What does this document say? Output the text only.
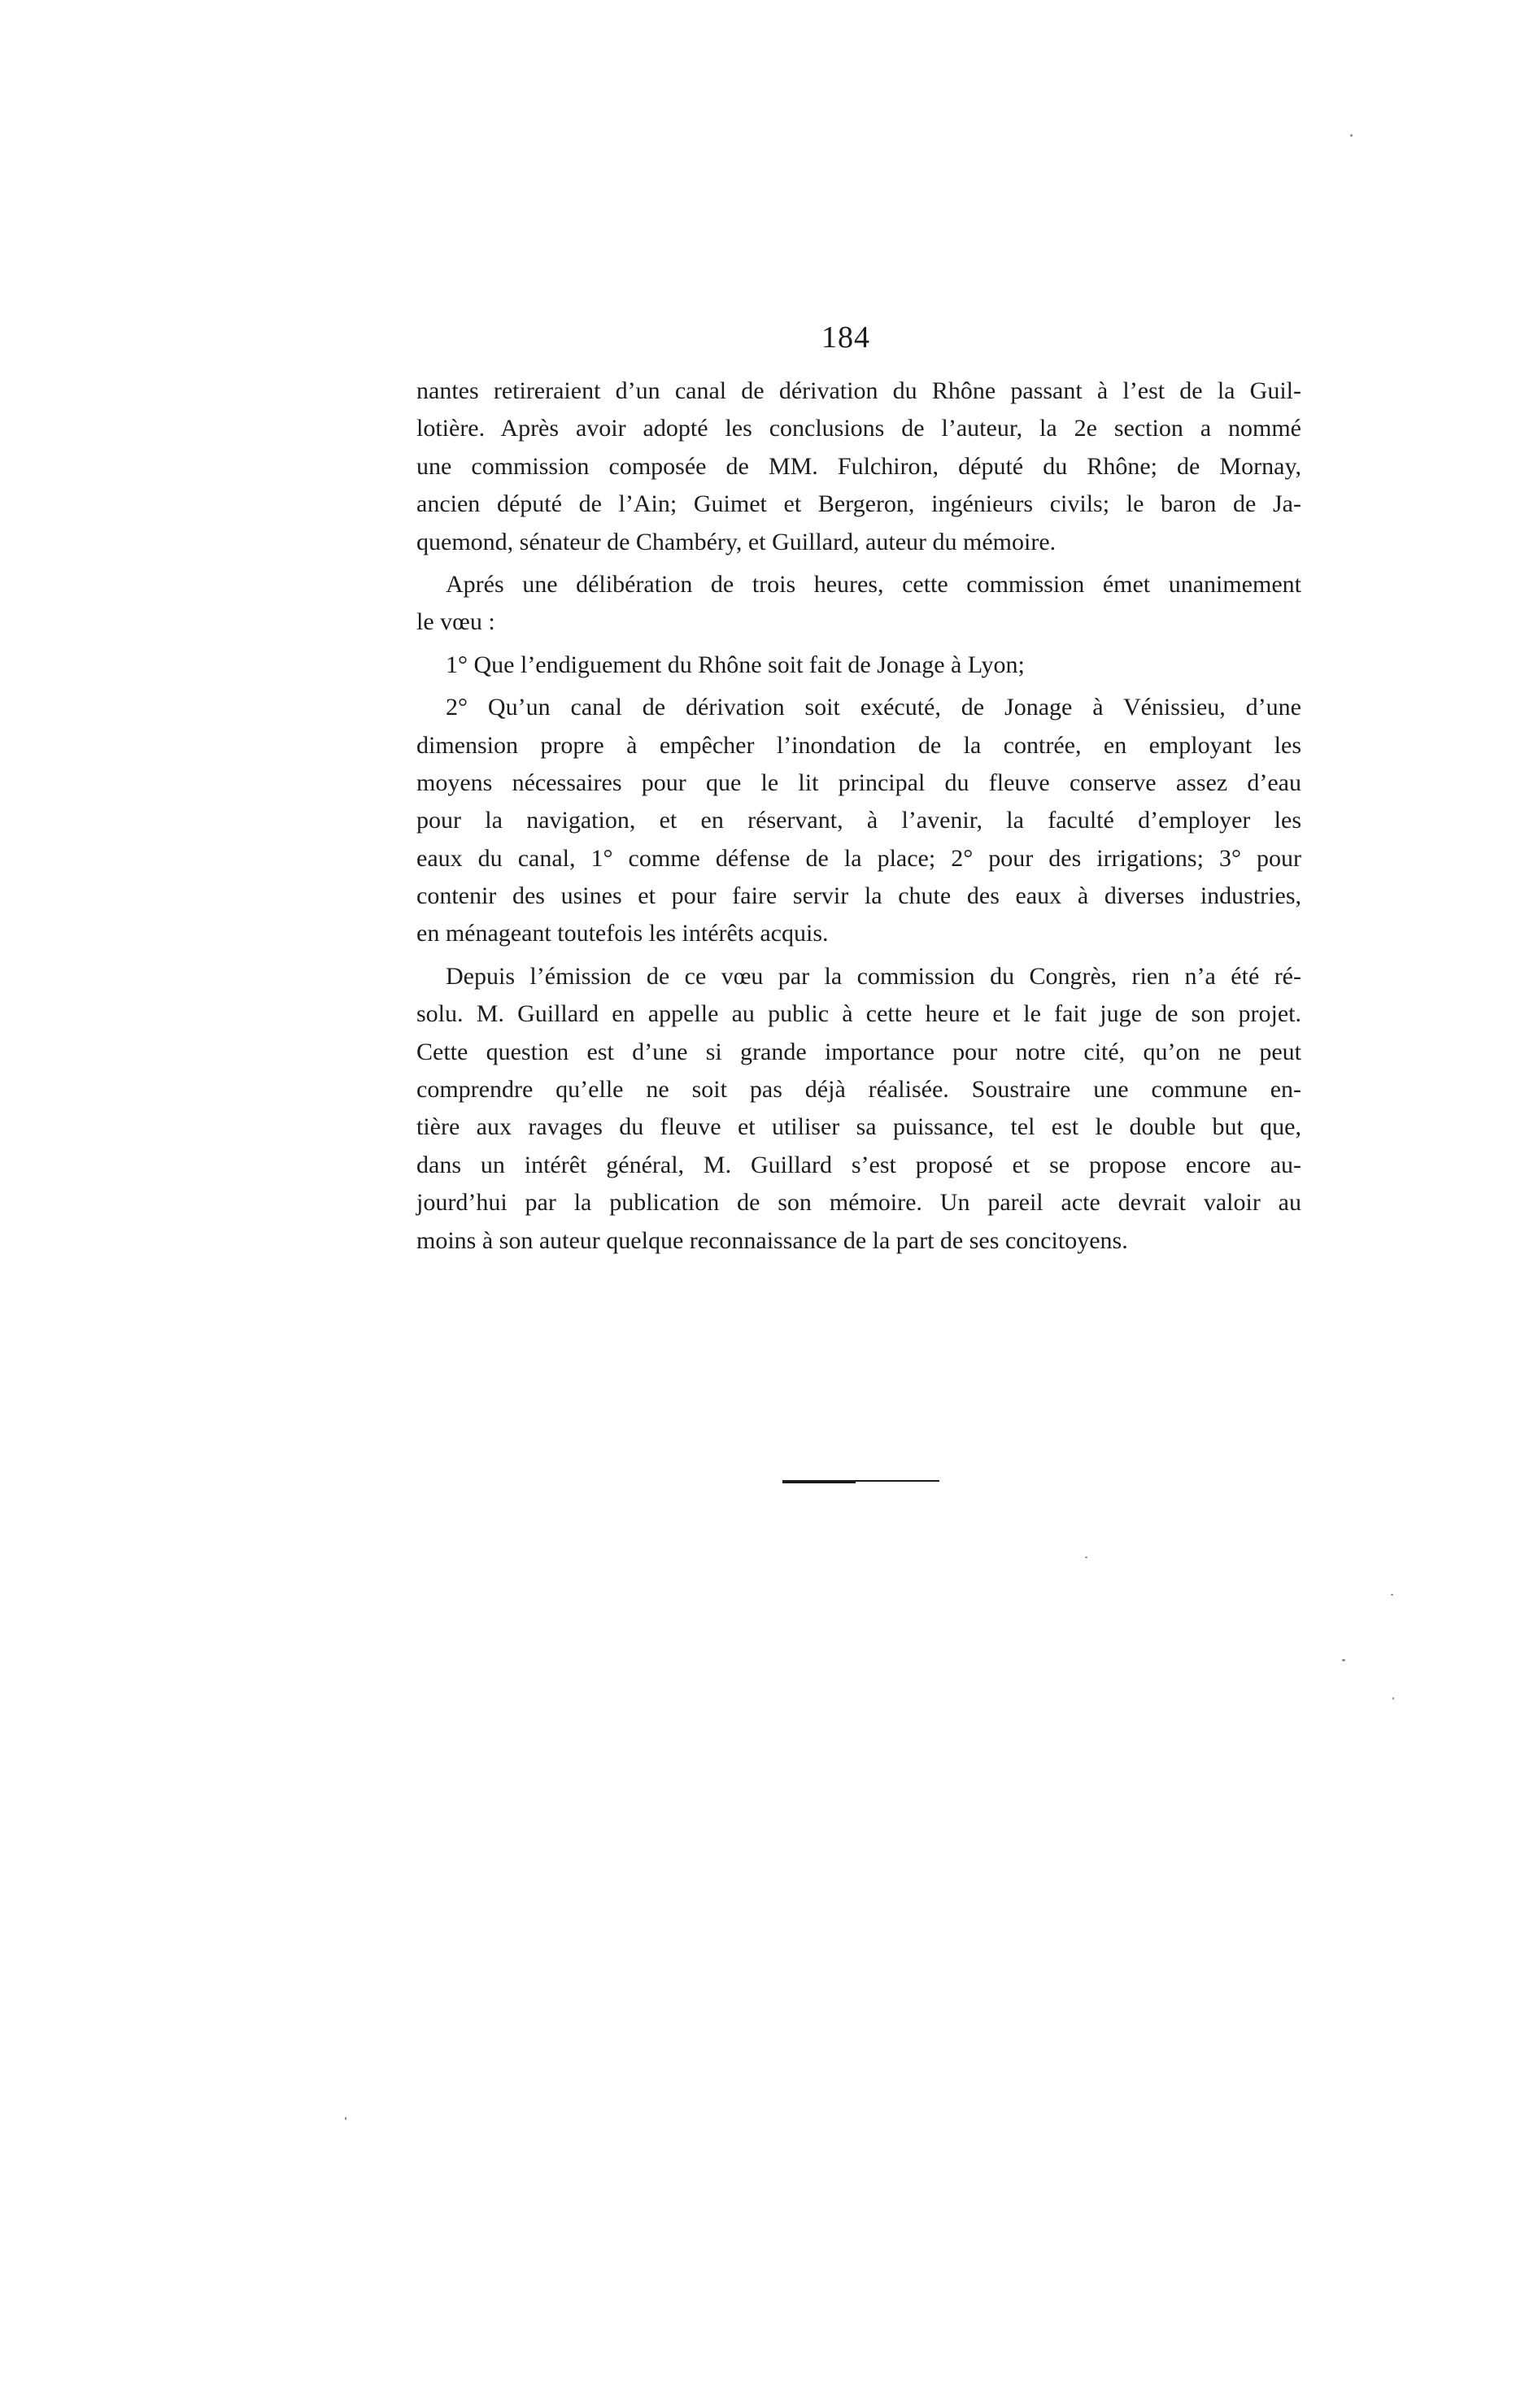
184
nantes retireraient d’un canal de dérivation du Rhône passant à l’est de la Guil-
lotière. Après avoir adopté les conclusions de l’auteur, la 2e section a nommé
une commission composée de MM. Fulchiron, député du Rhône; de Mornay,
ancien député de l’Ain; Guimet et Bergeron, ingénieurs civils; le baron de Ja-
quemond, sénateur de Chambéry, et Guillard, auteur du mémoire.
Aprés une délibération de trois heures, cette commission émet unanimement
le vœu :
1° Que l’endiguement du Rhône soit fait de Jonage à Lyon;
2° Qu’un canal de dérivation soit exécuté, de Jonage à Vénissieu, d’une
dimension propre à empêcher l’inondation de la contrée, en employant les
moyens nécessaires pour que le lit principal du fleuve conserve assez d’eau
pour la navigation, et en réservant, à l’avenir, la faculté d’employer les
eaux du canal, 1° comme défense de la place; 2° pour des irrigations; 3° pour
contenir des usines et pour faire servir la chute des eaux à diverses industries,
en ménageant toutefois les intérêts acquis.
Depuis l’émission de ce vœu par la commission du Congrès, rien n’a été ré-
solu. M. Guillard en appelle au public à cette heure et le fait juge de son projet.
Cette question est d’une si grande importance pour notre cité, qu’on ne peut
comprendre qu’elle ne soit pas déjà réalisée. Soustraire une commune en-
tière aux ravages du fleuve et utiliser sa puissance, tel est le double but que,
dans un intérêt général, M. Guillard s’est proposé et se propose encore au-
jourd’hui par la publication de son mémoire. Un pareil acte devrait valoir au
moins à son auteur quelque reconnaissance de la part de ses concitoyens.
